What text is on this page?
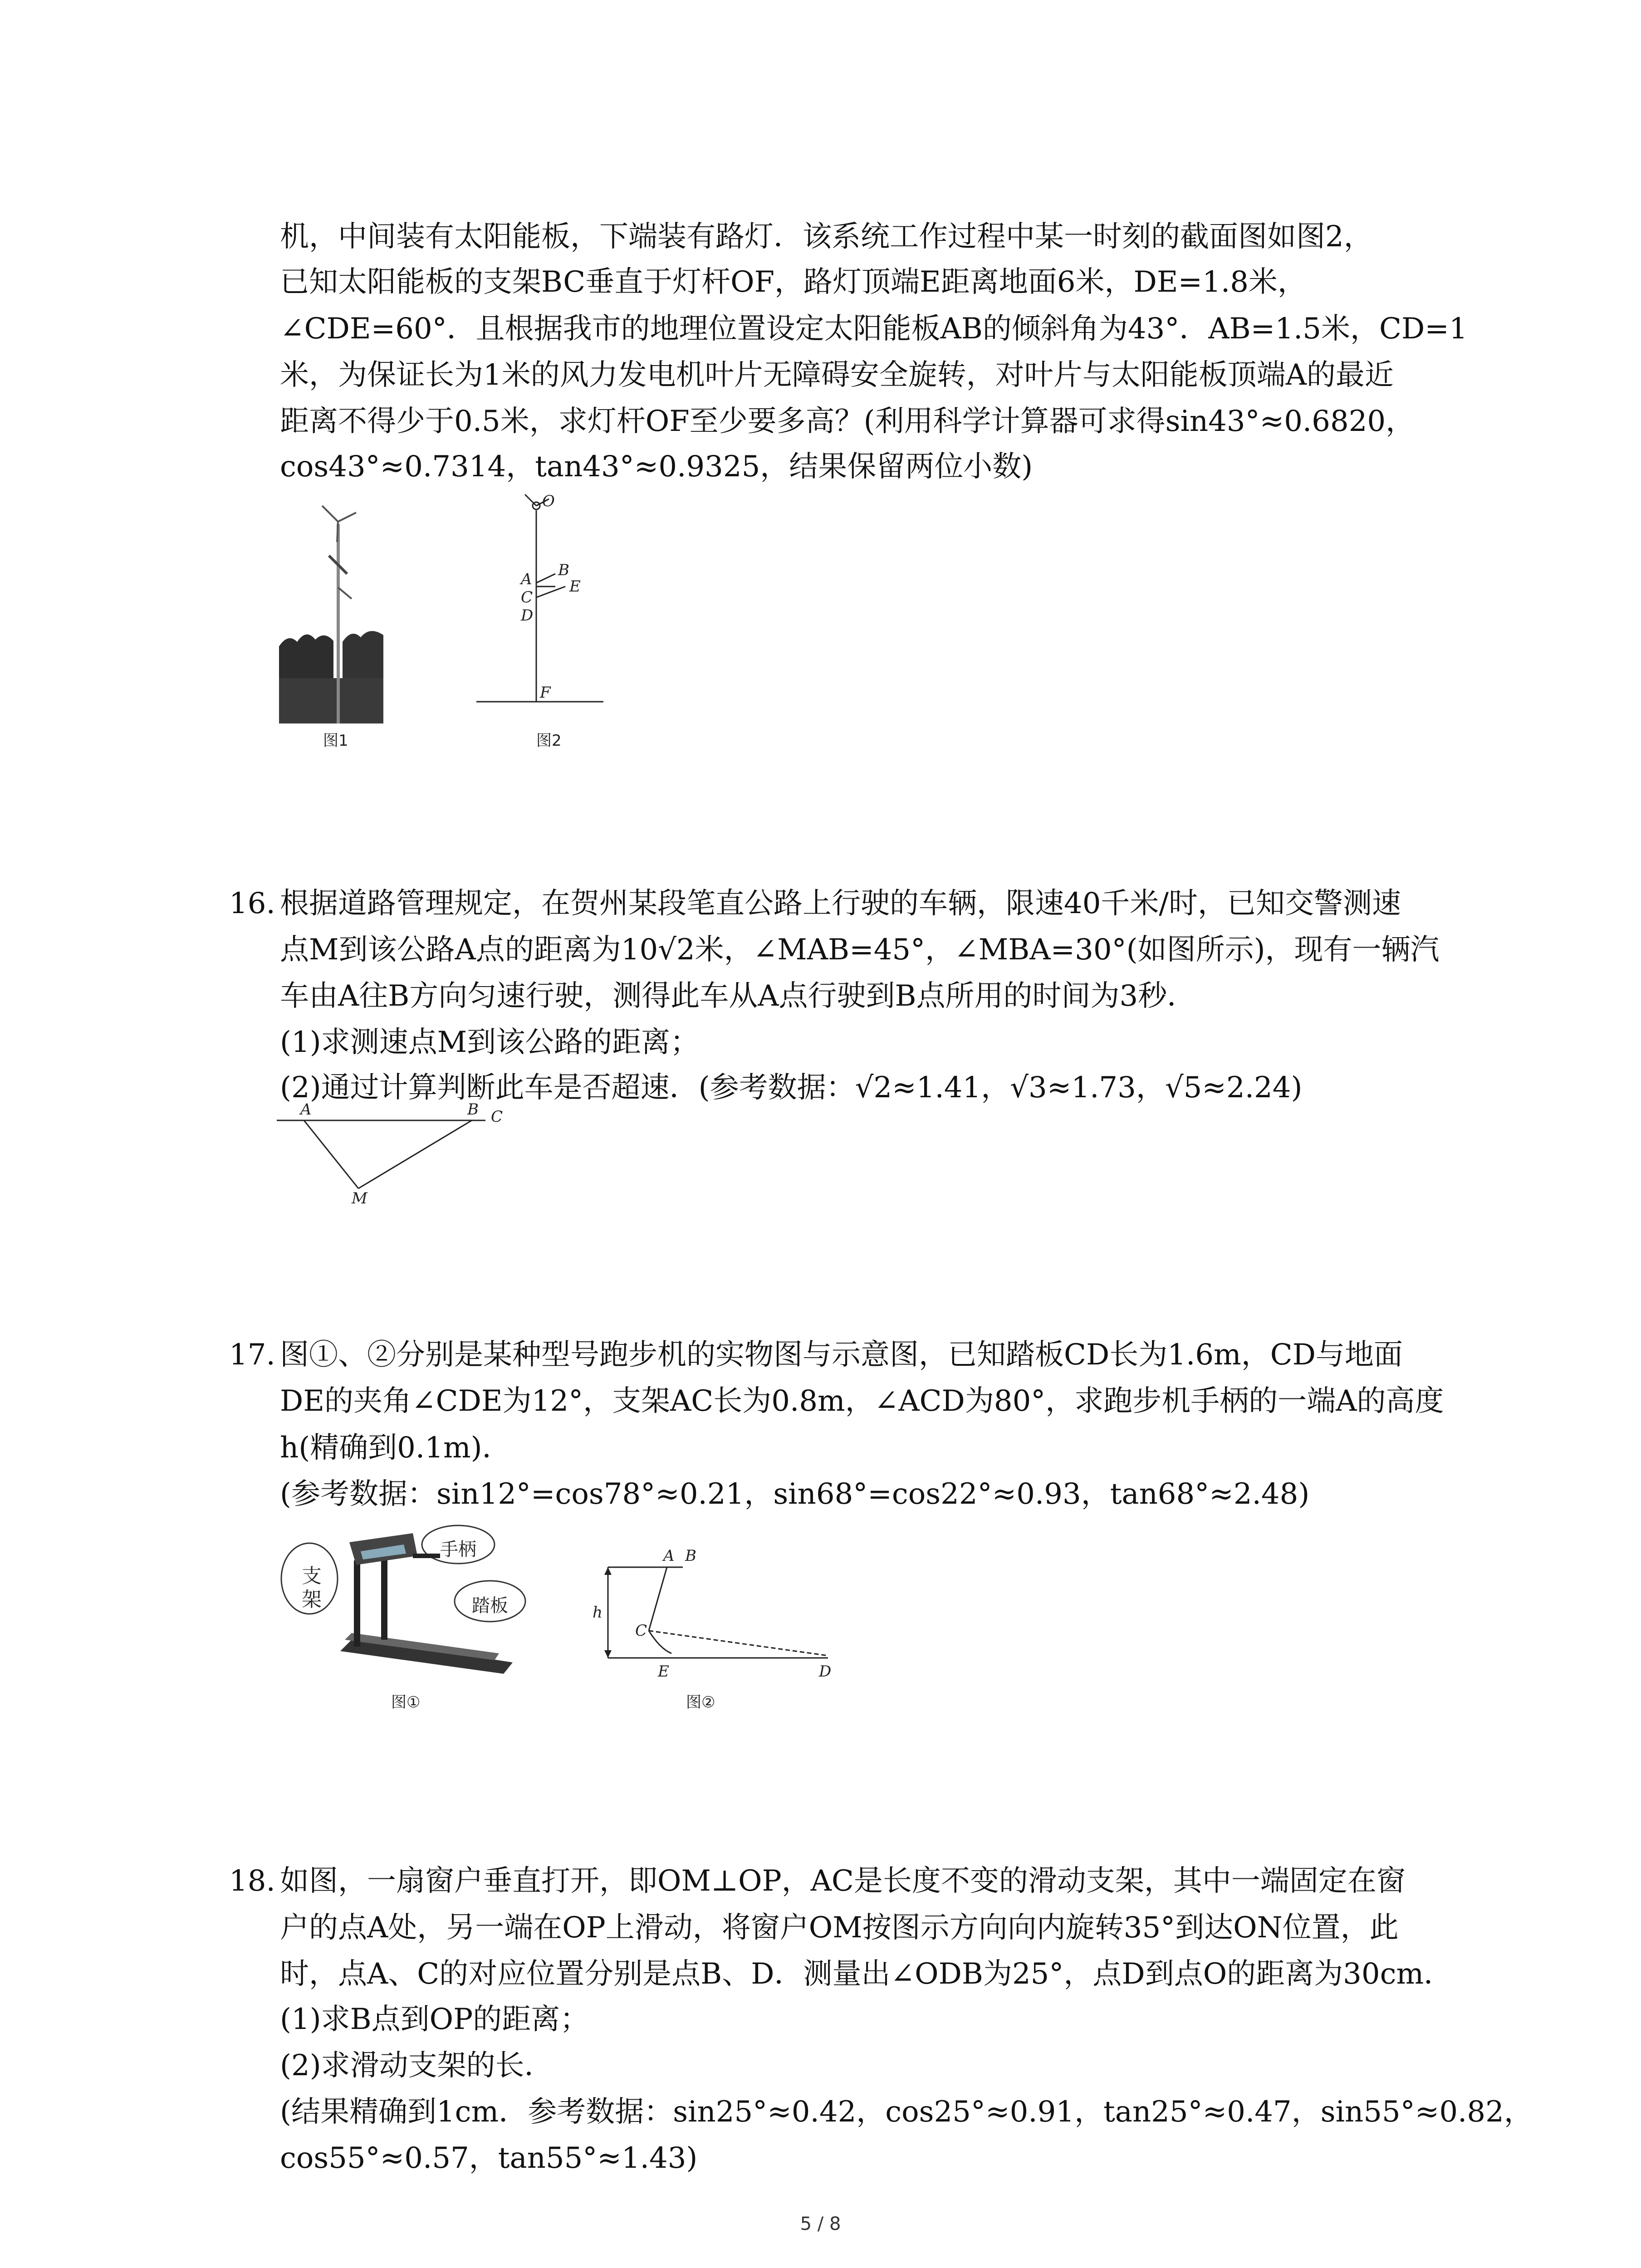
机，中间装有太阳能板，下端装有路灯．该系统工作过程中某一时刻的截面图如图2，
已知太阳能板的支架BC垂直于灯杆OF，路灯顶端E距离地面6米，DE=1.8米，
∠CDE=60°．且根据我市的地理位置设定太阳能板AB的倾斜角为43°．AB=1.5米，CD=1
米，为保证长为1米的风力发电机叶片无障碍安全旋转，对叶片与太阳能板顶端A的最近
距离不得少于0.5米，求灯杆OF至少要多高？(利用科学计算器可求得sin43°≈0.6820，
cos43°≈0.7314，tan43°≈0.9325，结果保留两位小数)
图1
O
A B
C
E
D
F
图2
16. 根据道路管理规定，在贺州某段笔直公路上行驶的车辆，限速40千米/时，已知交警测速
点M到该公路A点的距离为10√2米，∠MAB=45°，∠MBA=30°(如图所示)，现有一辆汽
车由A往B方向匀速行驶，测得此车从A点行驶到B点所用的时间为3秒．
(1)求测速点M到该公路的距离；
(2)通过计算判断此车是否超速．(参考数据：√2≈1.41，√3≈1.73，√5≈2.24)
A	B C
M
17. 图①、②分别是某种型号跑步机的实物图与示意图，已知踏板CD长为1.6m，CD与地面
DE的夹角∠CDE为12°，支架AC长为0.8m，∠ACD为80°，求跑步机手柄的一端A的高度
h(精确到0.1m)．
(参考数据：sin12°=cos78°≈0.21，sin68°=cos22°≈0.93，tan68°≈2.48)
支
架
手柄
踏板
图①
A B
h
C
E	D
图②
18. 如图，一扇窗户垂直打开，即OM⊥OP，AC是长度不变的滑动支架，其中一端固定在窗
户的点A处，另一端在OP上滑动，将窗户OM按图示方向向内旋转35°到达ON位置，此
时，点A、C的对应位置分别是点B、D．测量出∠ODB为25°，点D到点O的距离为30cm．
(1)求B点到OP的距离；
(2)求滑动支架的长．
(结果精确到1cm．参考数据：sin25°≈0.42，cos25°≈0.91，tan25°≈0.47，sin55°≈0.82，
cos55°≈0.57，tan55°≈1.43)
5 / 8
